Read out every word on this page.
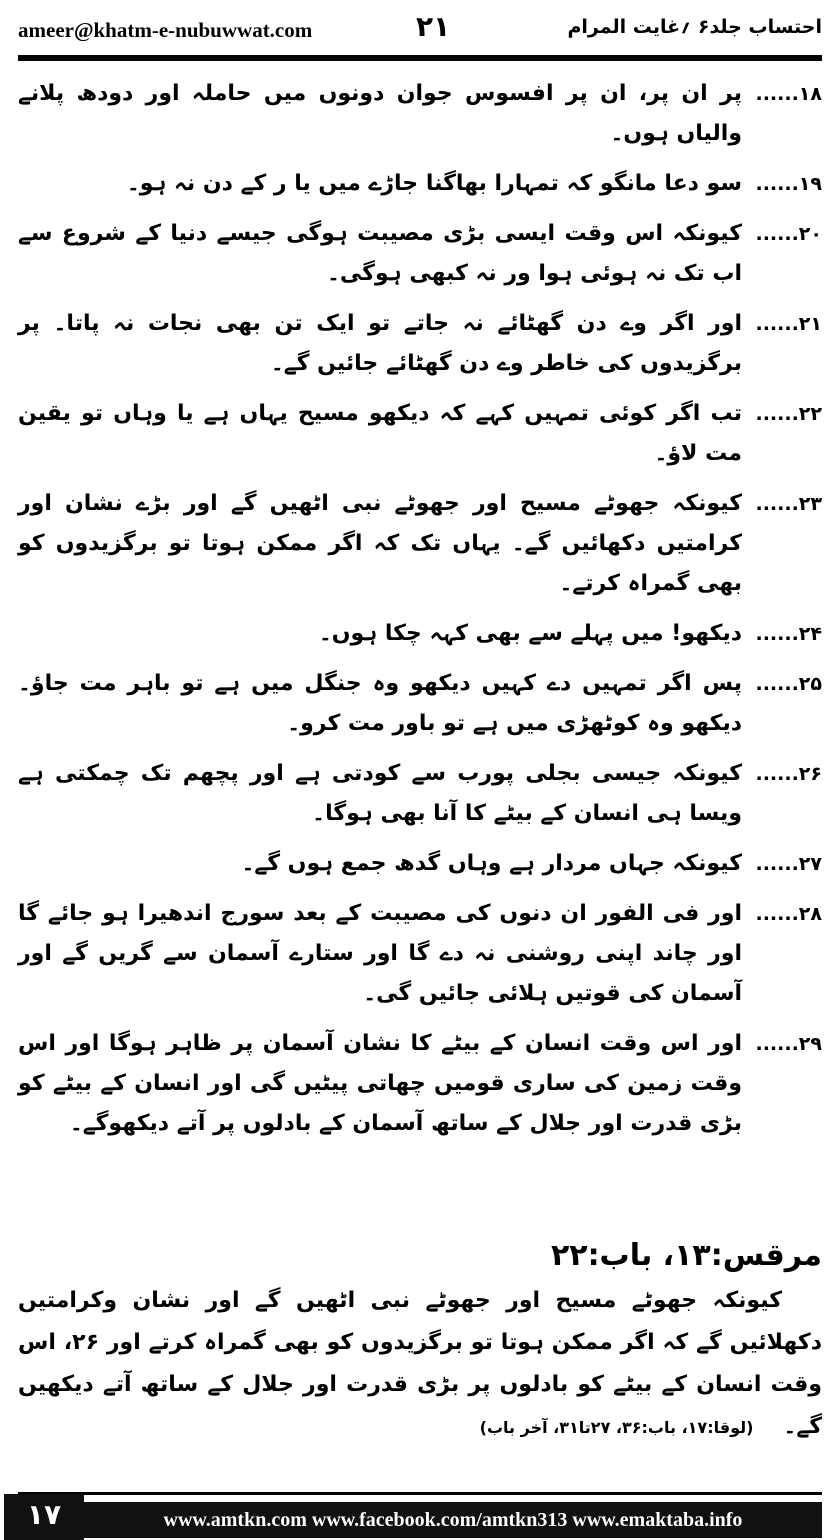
ameer@khatm-e-nubuwwat.com	۲۱	احتساب جلد۶ ؍غایت المرام
۱۸......
پر ان پر، ان پر افسوس جوان دونوں میں حاملہ اور دودھ پلانے والیاں ہوں۔
۱۹......
سو دعا مانگو کہ تمہارا بھاگنا جاڑے میں یا ر کے دن نہ ہو۔
۲۰......
کیونکہ اس وقت ایسی بڑی مصیبت ہوگی جیسے دنیا کے شروع سے اب تک نہ ہوئی ہوا ور نہ کبھی ہوگی۔
۲۱......
اور اگر وے دن گھٹائے نہ جاتے تو ایک تن بھی نجات نہ پاتا۔ پر برگزیدوں کی خاطر وے دن گھٹائے جائیں گے۔
۲۲......
تب اگر کوئی تمہیں کہے کہ دیکھو مسیح یہاں ہے یا وہاں تو یقین مت لاؤ۔
۲۳......
کیونکہ جھوٹے مسیح اور جھوٹے نبی اٹھیں گے اور بڑے نشان اور کرامتیں دکھائیں گے۔ یہاں تک کہ اگر ممکن ہوتا تو برگزیدوں کو بھی گمراہ کرتے۔
۲۴......
دیکھو! میں پہلے سے بھی کہہ چکا ہوں۔
۲۵......
پس اگر تمہیں دے کہیں دیکھو وہ جنگل میں ہے تو باہر مت جاؤ۔ دیکھو وہ کوٹھڑی میں ہے تو باور مت کرو۔
۲۶......
کیونکہ جیسی بجلی پورب سے کودتی ہے اور پچھم تک چمکتی ہے ویسا ہی انسان کے بیٹے کا آنا بھی ہوگا۔
۲۷......
کیونکہ جہاں مردار ہے وہاں گدھ جمع ہوں گے۔
۲۸......
اور فی الفور ان دنوں کی مصیبت کے بعد سورج اندھیرا ہو جائے گا اور چاند اپنی روشنی نہ دے گا اور ستارے آسمان سے گریں گے اور آسمان کی قوتیں ہلائی جائیں گی۔
۲۹......
اور اس وقت انسان کے بیٹے کا نشان آسمان پر ظاہر ہوگا اور اس وقت زمین کی ساری قومیں چھاتی پیٹیں گی اور انسان کے بیٹے کو بڑی قدرت اور جلال کے ساتھ آسمان کے بادلوں پر آتے دیکھوگے۔
مرقس:۱۳، باب:۲۲
کیونکہ جھوٹے مسیح اور جھوٹے نبی اٹھیں گے اور نشان وکرامتیں دکھلائیں گے کہ اگر ممکن ہوتا تو برگزیدوں کو بھی گمراہ کرتے اور ۲۶، اس وقت انسان کے بیٹے کو بادلوں پر بڑی قدرت اور جلال کے ساتھ آتے دیکھیں گے۔(لوقا:۱۷، باب:۳۶، ۲۷تا۳۱، آخر باب)
۱۷	www.amtkn.com www.facebook.com/amtkn313 www.emaktaba.info
